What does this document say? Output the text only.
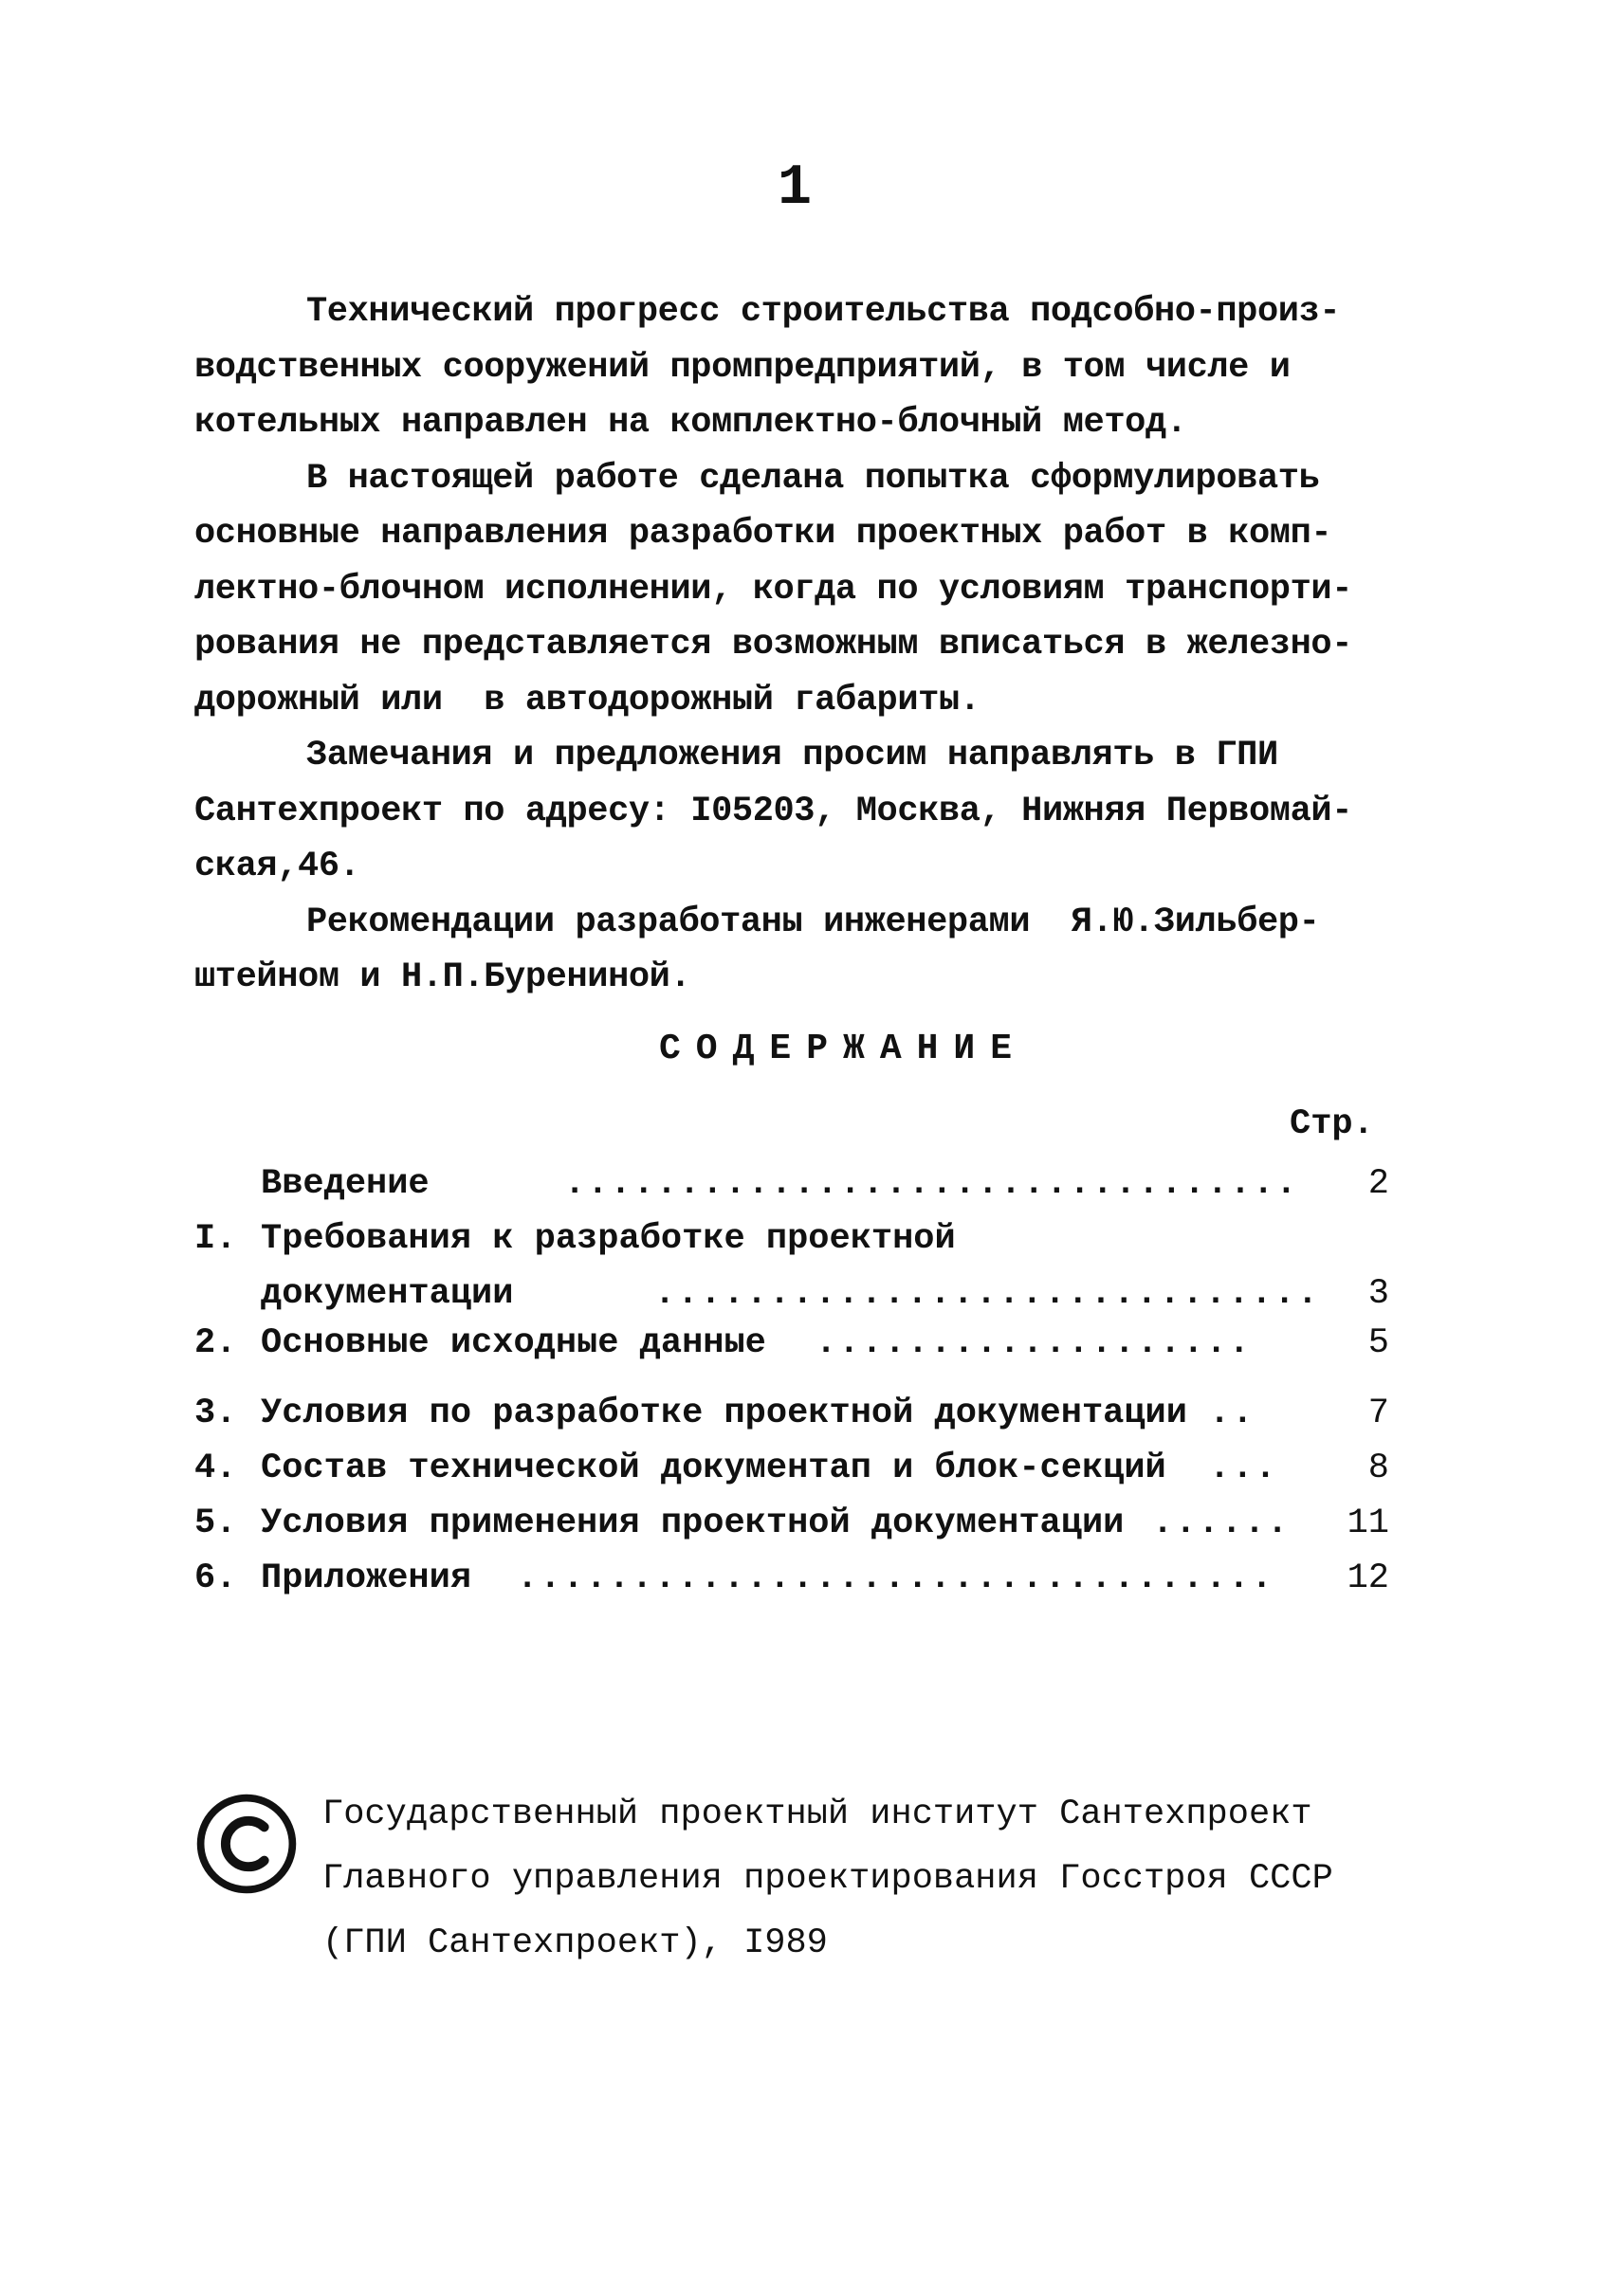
1
Технический прогресс строительства подсобно-произ-
водственных сооружений промпредприятий, в том числе и
котельных направлен на комплектно-блочный метод.
В настоящей работе сделана попытка сформулировать
основные направления разработки проектных работ в комп-
лектно-блочном исполнении, когда по условиям транспорти-
рования не представляется возможным вписаться в железно-
дорожный или  в автодорожный габариты.
Замечания и предложения просим направлять в ГПИ
Сантехпроект по адресу: I05203, Москва, Нижняя Первомай-
ская,46.
Рекомендации разработаны инженерами  Я.Ю.Зильбер-
штейном и Н.П.Бурениной.
СОДЕРЖАНИЕ
Стр.
Введение	................................	2
I. Требования к разработке проектной
документации	.............................	3
2. Основные исходные данные ...................	5
3. Условия по разработке проектной документации ..	7
4. Состав технической документап и блок-секций ...	8
5. Условия применения проектной документации ......	11
6. Приложения .................................	12
Государственный проектный институт Сантехпроект
Главного управления проектирования Госстроя СССР
(ГПИ Сантехпроект), I989
